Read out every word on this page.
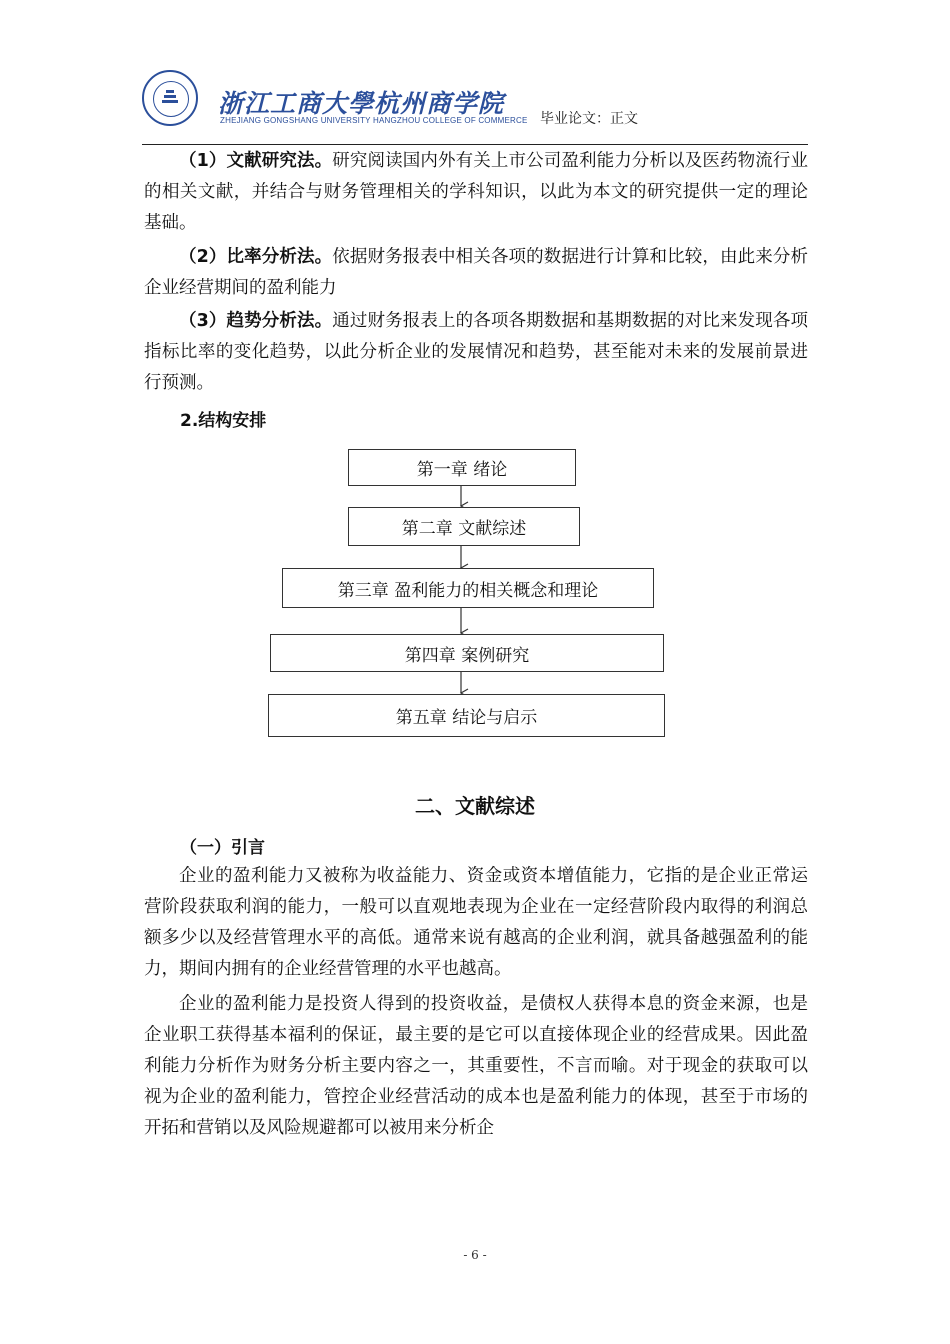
浙江工商大學杭州商学院
ZHEJIANG GONGSHANG UNIVERSITY HANGZHOU COLLEGE OF COMMERCE 毕业论文：正文

（1）文献研究法。研究阅读国内外有关上市公司盈利能力分析以及医药物流行业的相关文献，并结合与财务管理相关的学科知识，以此为本文的研究提供一定的理论基础。

（2）比率分析法。依据财务报表中相关各项的数据进行计算和比较，由此来分析企业经营期间的盈利能力

（3）趋势分析法。通过财务报表上的各项各期数据和基期数据的对比来发现各项指标比率的变化趋势，以此分析企业的发展情况和趋势，甚至能对未来的发展前景进行预测。

2.结构安排
第一章 绪论
第二章 文献综述
第三章 盈利能力的相关概念和理论
第四章 案例研究
第五章 结论与启示
二、文献综述
（一）引言

企业的盈利能力又被称为收益能力、资金或资本增值能力，它指的是企业正常运营阶段获取利润的能力，一般可以直观地表现为企业在一定经营阶段内取得的利润总额多少以及经营管理水平的高低。通常来说有越高的企业利润，就具备越强盈利的能力，期间内拥有的企业经营管理的水平也越高。

企业的盈利能力是投资人得到的投资收益，是债权人获得本息的资金来源，也是企业职工获得基本福利的保证，最主要的是它可以直接体现企业的经营成果。因此盈利能力分析作为财务分析主要内容之一，其重要性，不言而喻。对于现金的获取可以视为企业的盈利能力，管控企业经营活动的成本也是盈利能力的体现，甚至于市场的开拓和营销以及风险规避都可以被用来分析企

- 6 -
